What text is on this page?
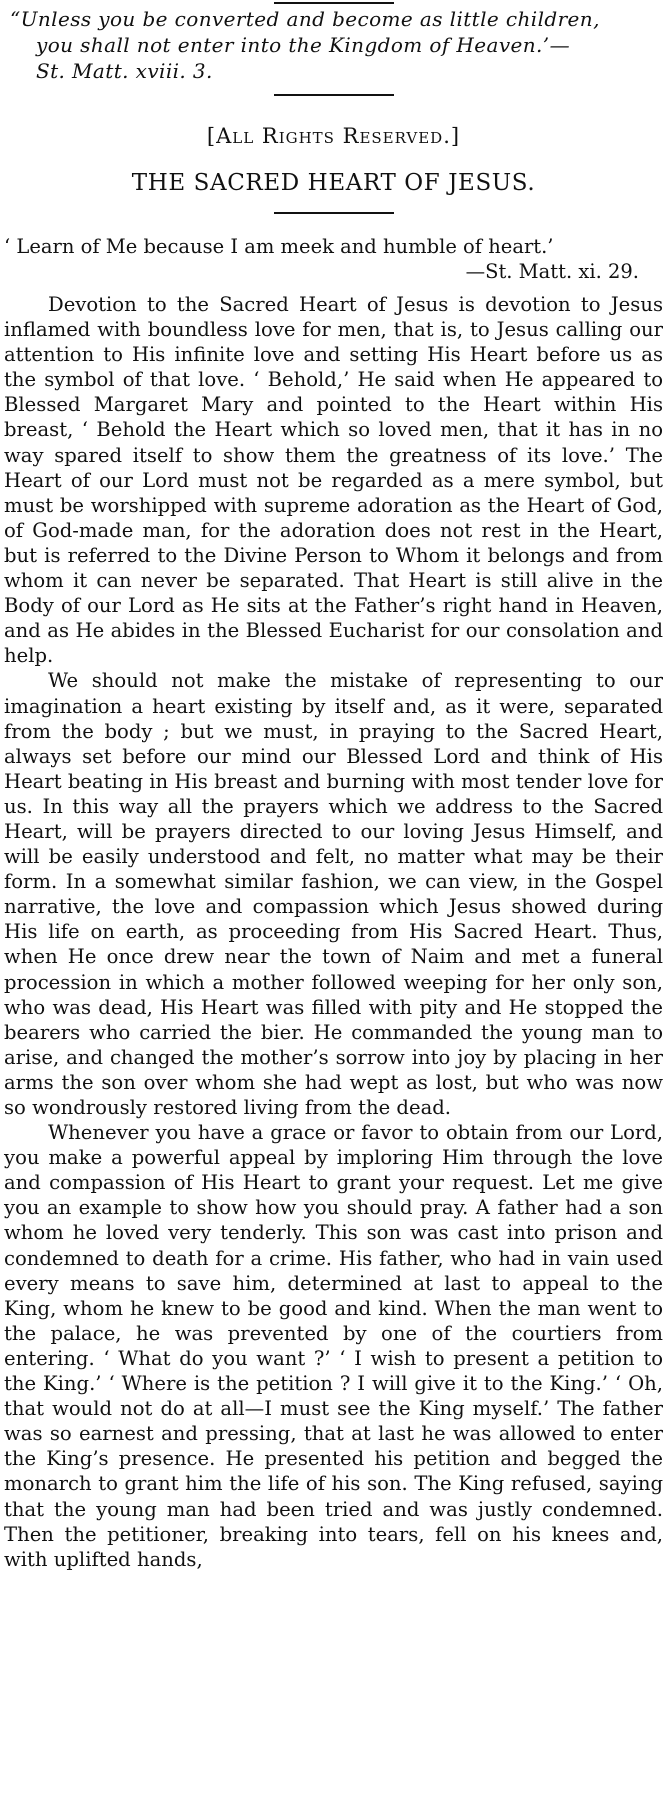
“Unless you be converted and become as little children,
you shall not enter into the Kingdom of Heaven.’—
St. Matt. xviii. 3.
[All Rights Reserved.]
THE SACRED HEART OF JESUS.
‘ Learn of Me because I am meek and humble of heart.’
—St. Matt. xi. 29.

Devotion to the Sacred Heart of Jesus is devotion to Jesus inflamed with boundless love for men, that is, to Jesus calling our attention to His infinite love and setting His Heart before us as the symbol of that love. ‘ Behold,’ He said when He appeared to Blessed Margaret Mary and pointed to the Heart within His breast, ‘ Behold the Heart which so loved men, that it has in no way spared itself to show them the greatness of its love.’ The Heart of our Lord must not be regarded as a mere symbol, but must be worshipped with supreme adoration as the Heart of God, of God-made man, for the adoration does not rest in the Heart, but is referred to the Divine Person to Whom it belongs and from whom it can never be separated. That Heart is still alive in the Body of our Lord as He sits at the Father’s right hand in Heaven, and as He abides in the Blessed Eucharist for our consolation and help.

We should not make the mistake of representing to our imagination a heart existing by itself and, as it were, separated from the body ; but we must, in praying to the Sacred Heart, always set before our mind our Blessed Lord and think of His Heart beating in His breast and burning with most tender love for us. In this way all the prayers which we address to the Sacred Heart, will be prayers directed to our loving Jesus Himself, and will be easily understood and felt, no matter what may be their form. In a somewhat similar fashion, we can view, in the Gospel narrative, the love and compassion which Jesus showed during His life on earth, as proceeding from His Sacred Heart. Thus, when He once drew near the town of Naim and met a funeral procession in which a mother followed weeping for her only son, who was dead, His Heart was filled with pity and He stopped the bearers who carried the bier. He commanded the young man to arise, and changed the mother’s sorrow into joy by placing in her arms the son over whom she had wept as lost, but who was now so wondrously restored living from the dead.

Whenever you have a grace or favor to obtain from our Lord, you make a powerful appeal by imploring Him through the love and compassion of His Heart to grant your request. Let me give you an example to show how you should pray. A father had a son whom he loved very tenderly. This son was cast into prison and condemned to death for a crime. His father, who had in vain used every means to save him, determined at last to appeal to the King, whom he knew to be good and kind. When the man went to the palace, he was prevented by one of the courtiers from entering. ‘ What do you want ?’ ‘ I wish to present a petition to the King.’ ‘ Where is the petition ? I will give it to the King.’ ‘ Oh, that would not do at all—I must see the King myself.’ The father was so earnest and pressing, that at last he was allowed to enter the King’s presence. He presented his petition and begged the monarch to grant him the life of his son. The King refused, saying that the young man had been tried and was justly condemned. Then the petitioner, breaking into tears, fell on his knees and, with uplifted hands,
